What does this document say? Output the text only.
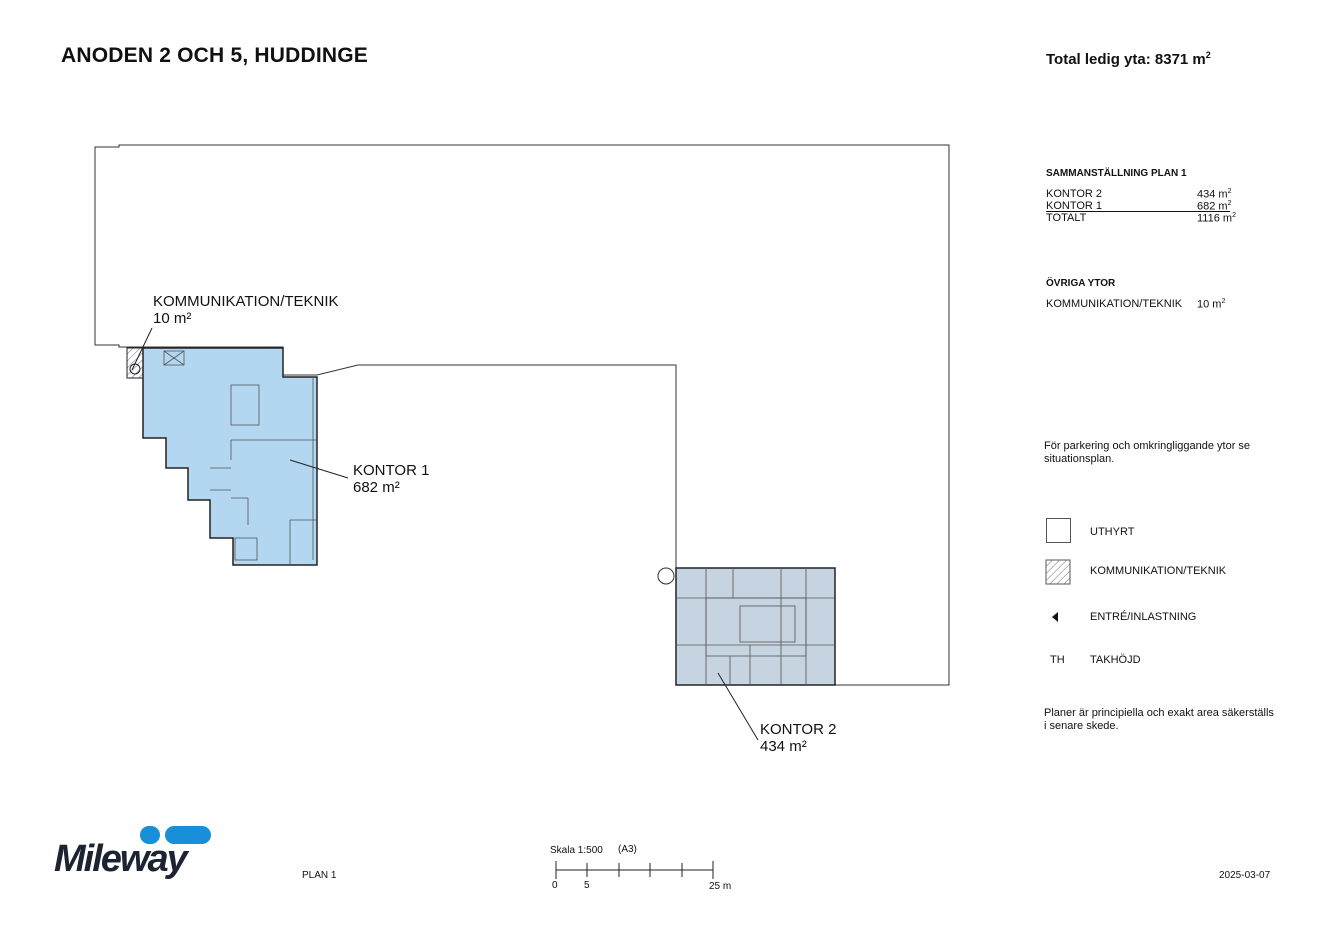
ANODEN 2 OCH 5, HUDDINGE	Total ledig yta: 8371 $m^2$
SAMMANSTÄLLNING PLAN 1
KONTOR 2	434 $m^2$
KONTOR 1	682 $m^2$
TOTALT	1116 $m^2$
ÖVRIGA YTOR
KOMMUNIKATION/TEKNIK 10 $m^2$
För parkering och omkringliggande ytor se situationsplan.
UTHYRT
KOMMUNIKATION/TEKNIK
ENTRÉ/INLASTNING
TH TAKHÖJD
Planer är principiella och exakt area säkerställs i senare skede.
KOMMUNIKATION/TEKNIK
10 m²
KONTOR 1
682 m²
KONTOR 2
434 m²
Mileway	PLAN 1
Skala 1:500 (A3)
0	5	25 m
2025-03-07
